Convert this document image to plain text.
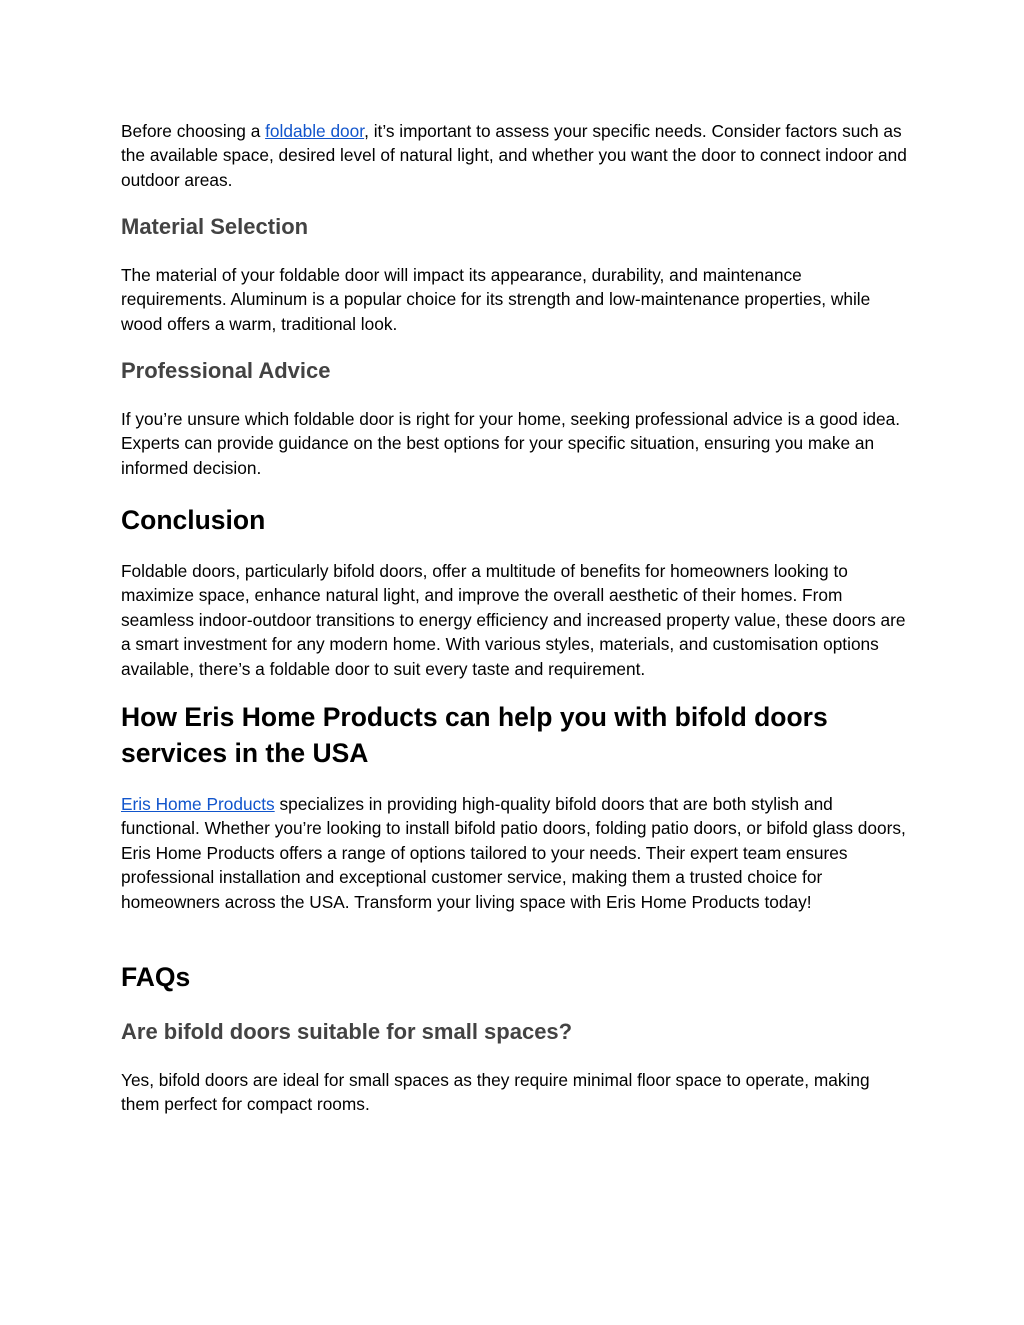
Before choosing a foldable door, it’s important to assess your specific needs. Consider factors such as the available space, desired level of natural light, and whether you want the door to connect indoor and outdoor areas.

Material Selection

The material of your foldable door will impact its appearance, durability, and maintenance requirements. Aluminum is a popular choice for its strength and low-maintenance properties, while wood offers a warm, traditional look.

Professional Advice

If you’re unsure which foldable door is right for your home, seeking professional advice is a good idea. Experts can provide guidance on the best options for your specific situation, ensuring you make an informed decision.

Conclusion

Foldable doors, particularly bifold doors, offer a multitude of benefits for homeowners looking to maximize space, enhance natural light, and improve the overall aesthetic of their homes. From seamless indoor-outdoor transitions to energy efficiency and increased property value, these doors are a smart investment for any modern home. With various styles, materials, and customisation options available, there’s a foldable door to suit every taste and requirement.

How Eris Home Products can help you with bifold doors services in the USA

Eris Home Products specializes in providing high-quality bifold doors that are both stylish and functional. Whether you’re looking to install bifold patio doors, folding patio doors, or bifold glass doors, Eris Home Products offers a range of options tailored to your needs. Their expert team ensures professional installation and exceptional customer service, making them a trusted choice for homeowners across the USA. Transform your living space with Eris Home Products today!

FAQs
Are bifold doors suitable for small spaces?

Yes, bifold doors are ideal for small spaces as they require minimal floor space to operate, making them perfect for compact rooms.
